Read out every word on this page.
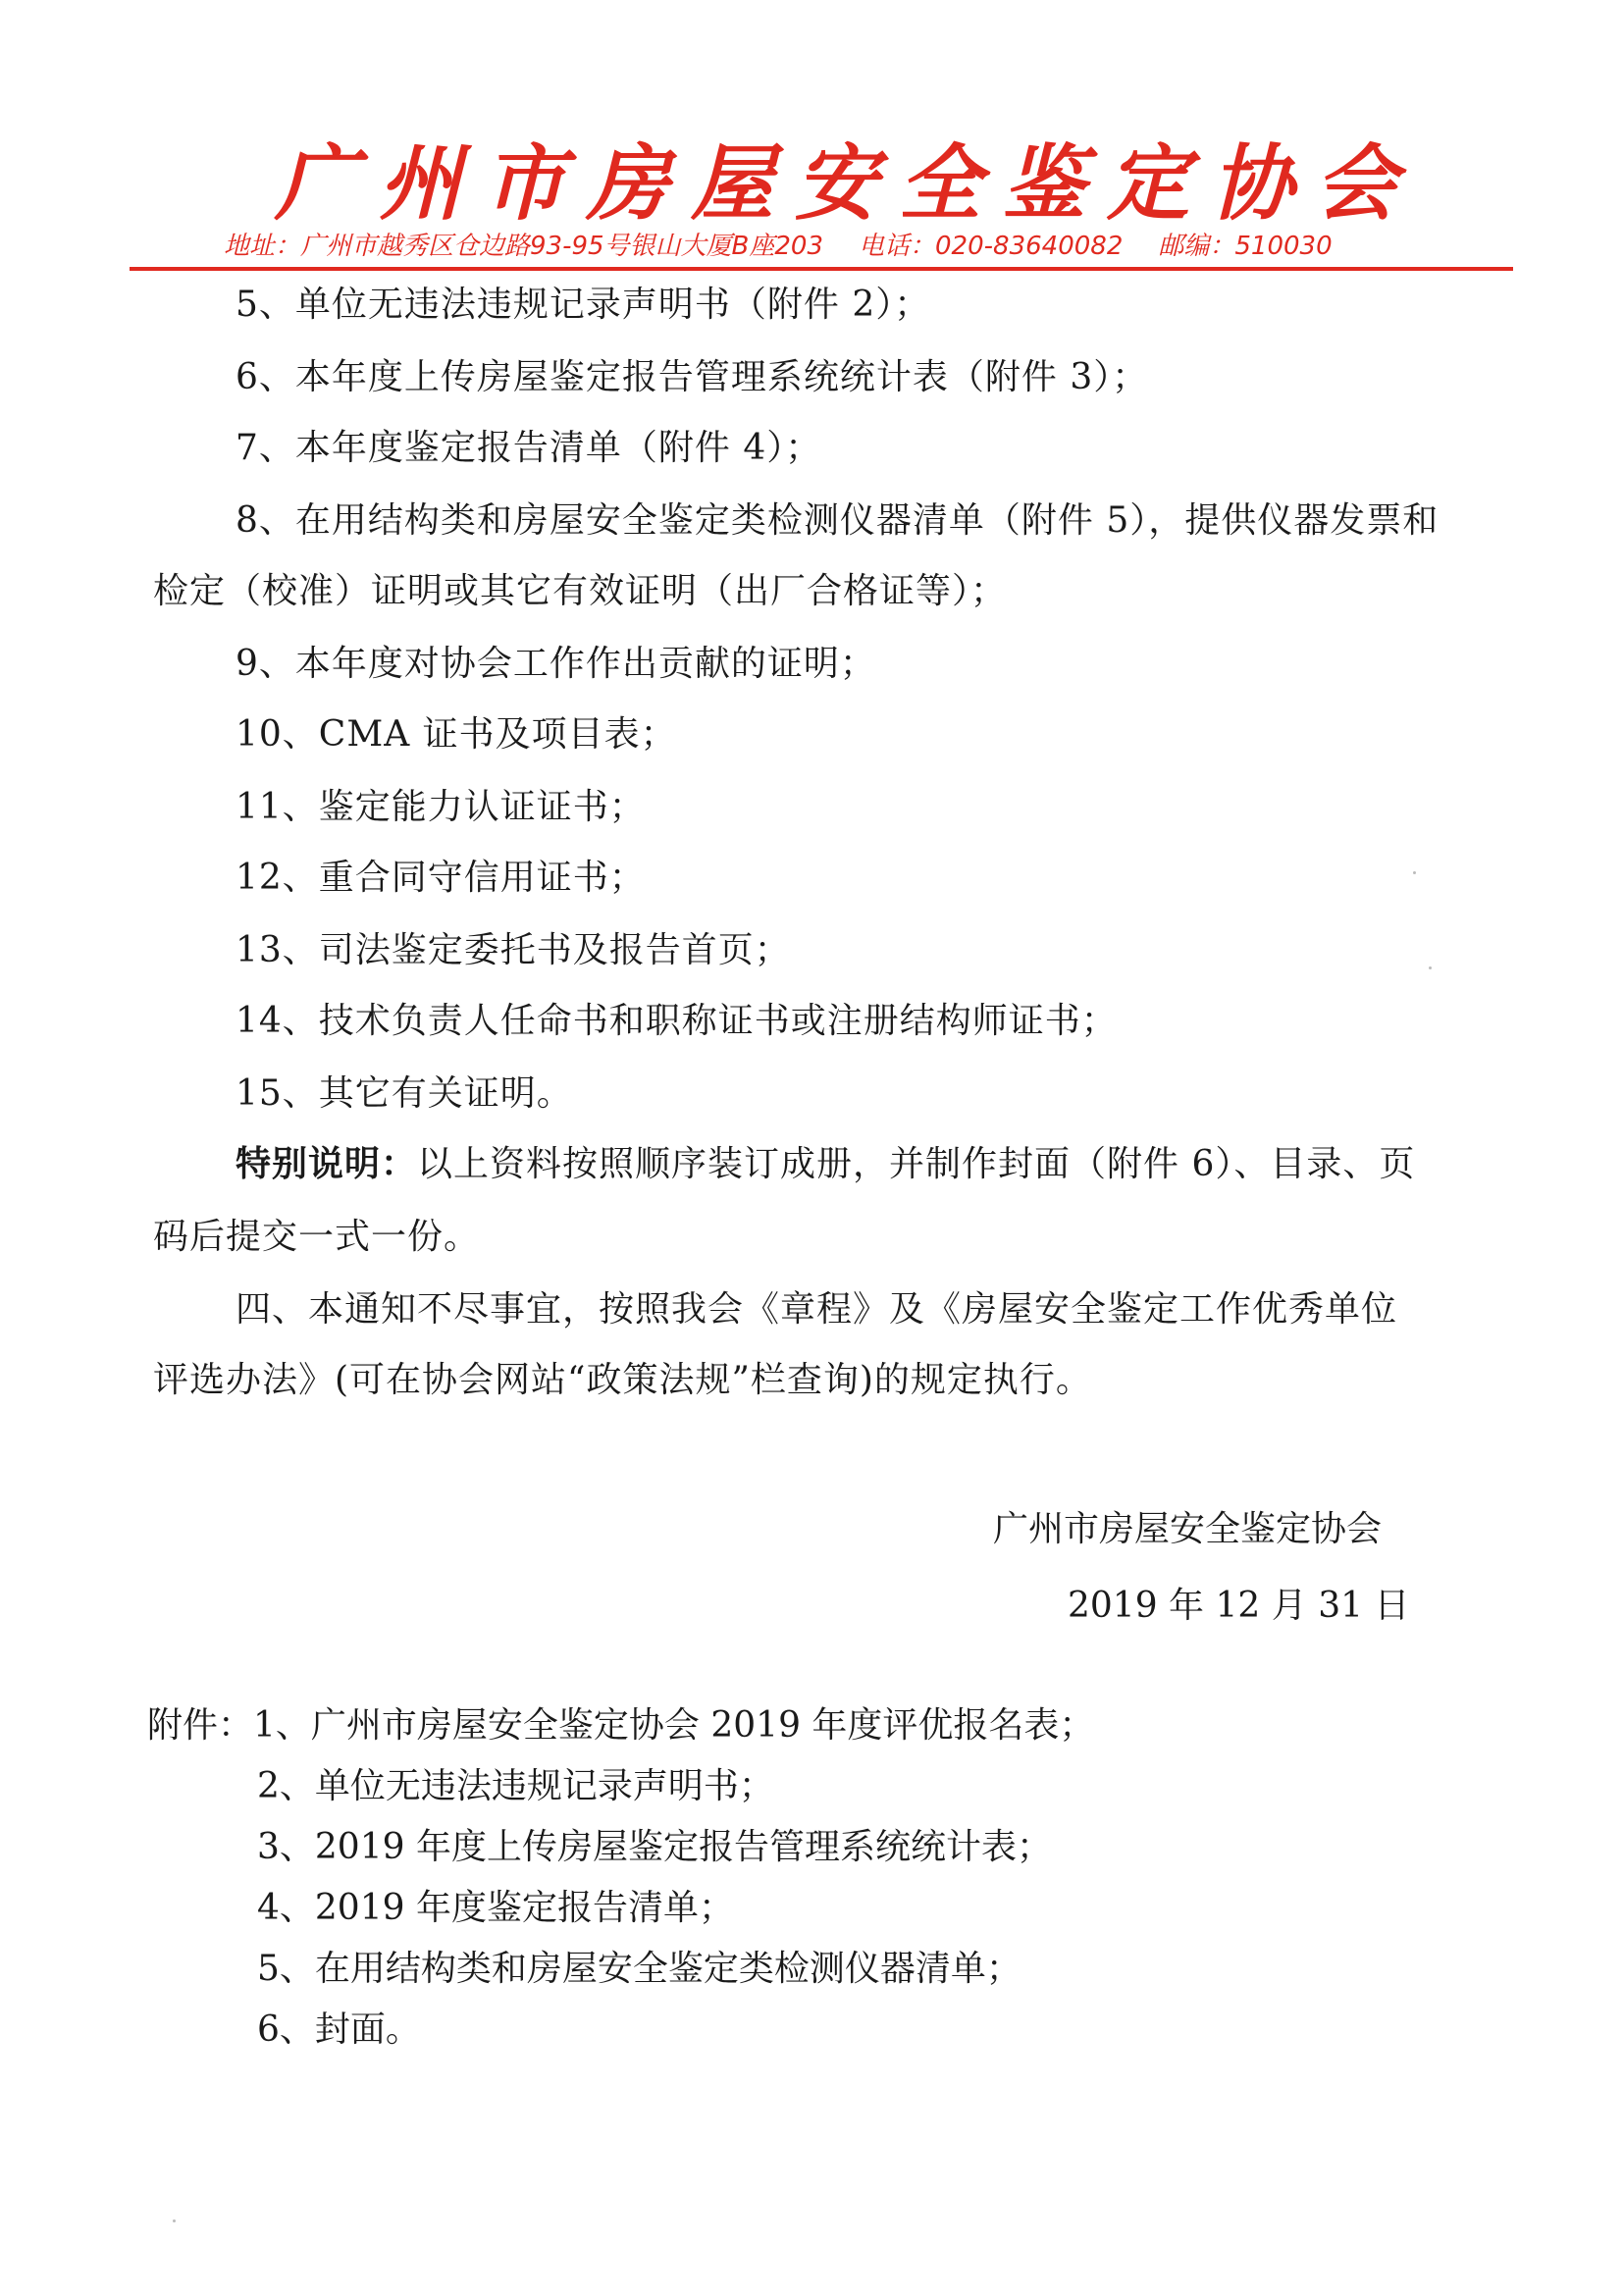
广州市房屋安全鉴定协会
地址：广州市越秀区仓边路93-95号银山大厦B座203 电话：020-83640082 邮编：510030
5、单位无违法违规记录声明书（附件 2）；
6、本年度上传房屋鉴定报告管理系统统计表（附件 3）；
7、本年度鉴定报告清单（附件 4）；
8、在用结构类和房屋安全鉴定类检测仪器清单（附件 5），提供仪器发票和
检定（校准）证明或其它有效证明（出厂合格证等）；
9、本年度对协会工作作出贡献的证明；
10、CMA 证书及项目表；
11、鉴定能力认证证书；
12、重合同守信用证书；
13、司法鉴定委托书及报告首页；
14、技术负责人任命书和职称证书或注册结构师证书；
15、其它有关证明。
特别说明：以上资料按照顺序装订成册，并制作封面（附件 6）、目录、页
码后提交一式一份。
四、本通知不尽事宜，按照我会《章程》及《房屋安全鉴定工作优秀单位
评选办法》(可在协会网站“政策法规”栏查询)的规定执行。
广州市房屋安全鉴定协会
2019 年 12 月 31 日
附件：1、广州市房屋安全鉴定协会 2019 年度评优报名表；
2、单位无违法违规记录声明书；
3、2019 年度上传房屋鉴定报告管理系统统计表；
4、2019 年度鉴定报告清单；
5、在用结构类和房屋安全鉴定类检测仪器清单；
6、封面。
